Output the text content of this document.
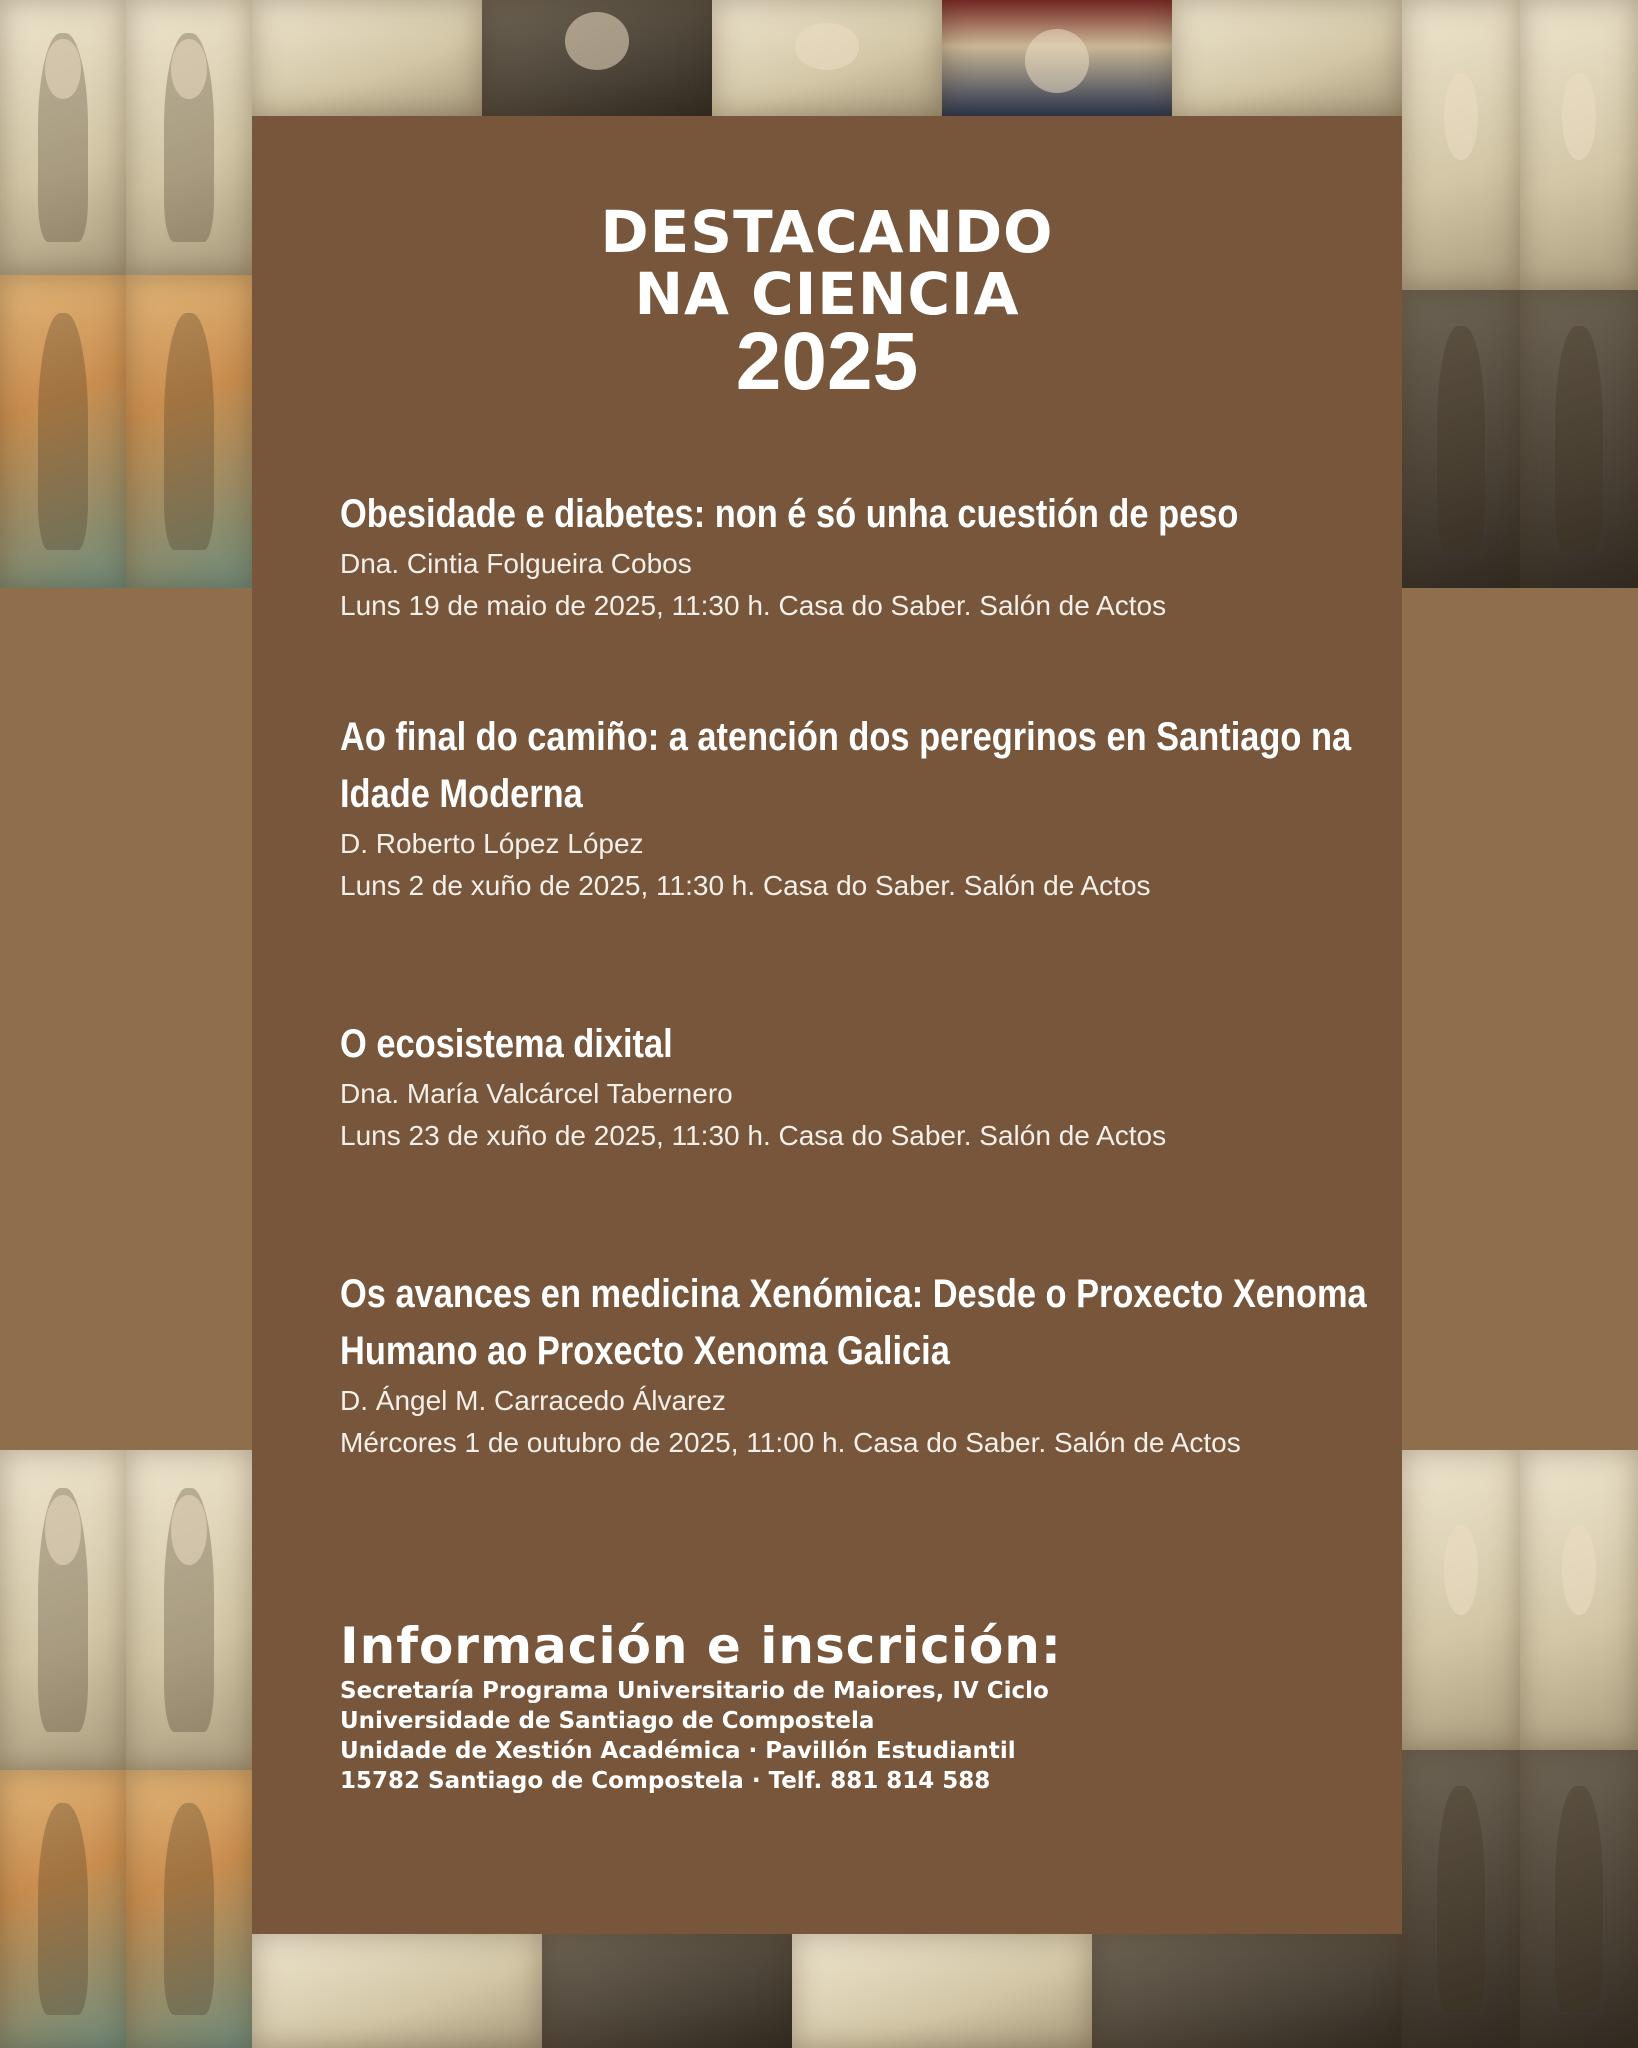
DESTACANDO
NA CIENCIA
2025
Obesidade e diabetes: non é só unha cuestión de peso
Dna. Cintia Folgueira Cobos
Luns 19 de maio de 2025, 11:30 h. Casa do Saber. Salón de Actos
Ao final do camiño: a atención dos peregrinos en Santiago na
Idade Moderna
D. Roberto López López
Luns 2 de xuño de 2025, 11:30 h. Casa do Saber. Salón de Actos
O ecosistema dixital
Dna. María Valcárcel Tabernero
Luns 23 de xuño de 2025, 11:30 h. Casa do Saber. Salón de Actos
Os avances en medicina Xenómica: Desde o Proxecto Xenoma
Humano ao Proxecto Xenoma Galicia
D. Ángel M. Carracedo Álvarez
Mércores 1 de outubro de 2025, 11:00 h. Casa do Saber. Salón de Actos
Información e inscrición:
Secretaría Programa Universitario de Maiores, IV Ciclo
Universidade de Santiago de Compostela
Unidade de Xestión Académica · Pavillón Estudiantil
15782 Santiago de Compostela · Telf. 881 814 588
